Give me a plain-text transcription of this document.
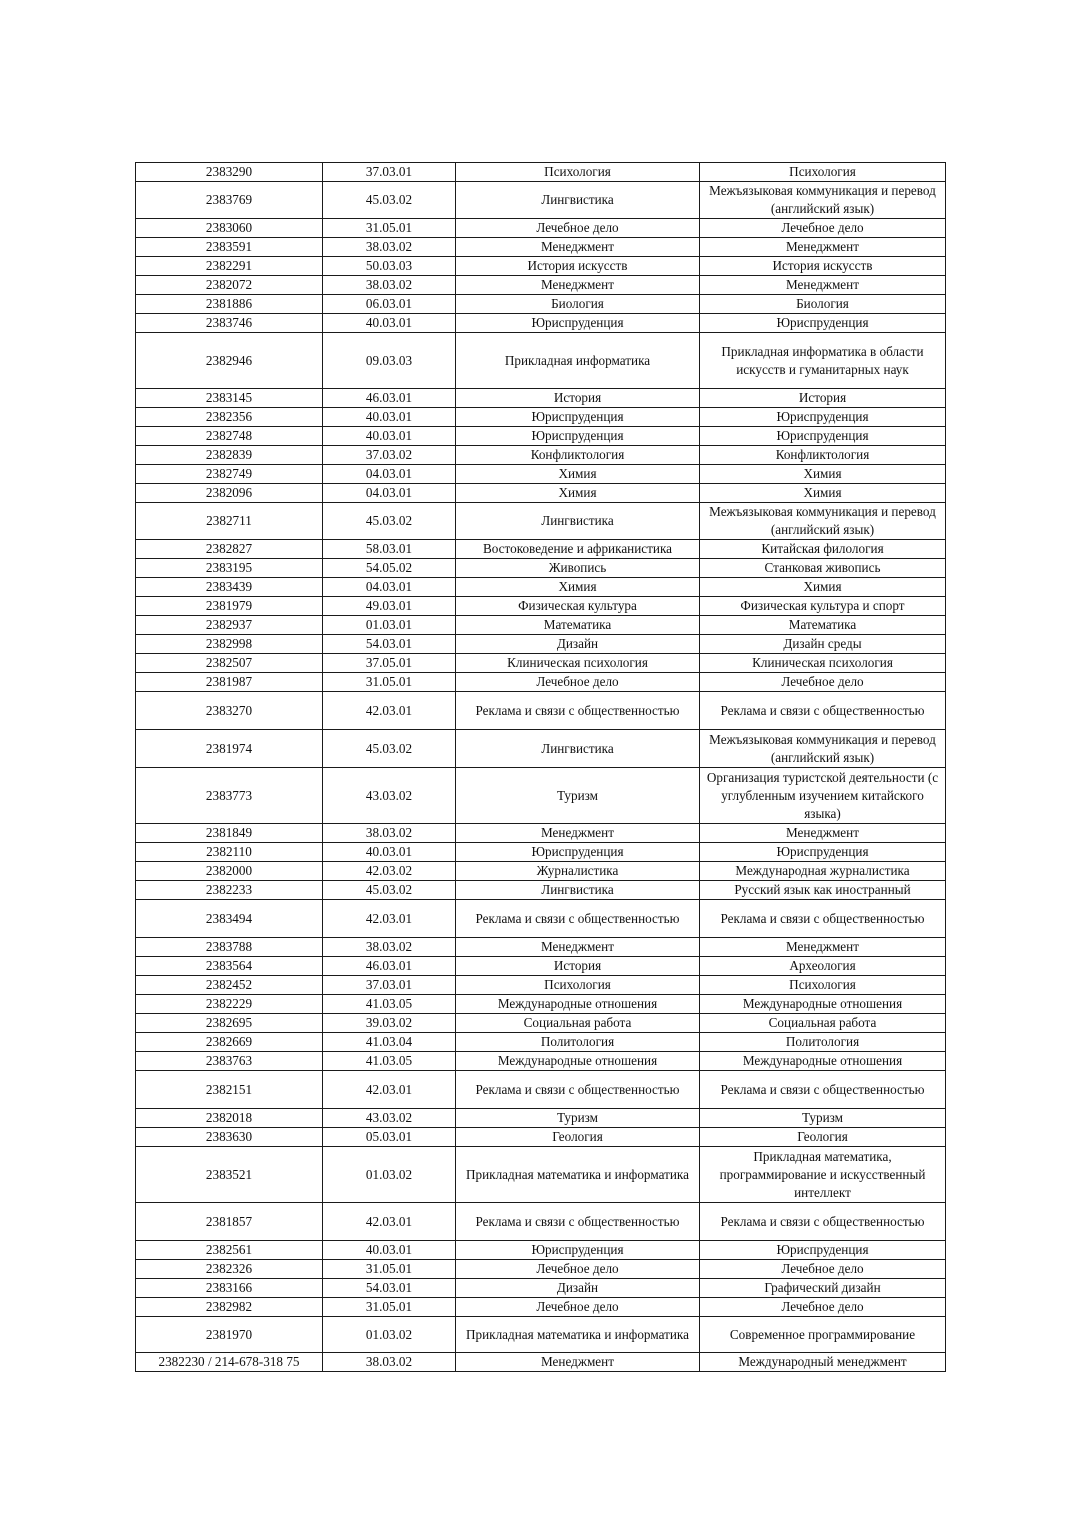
2383290	37.03.01	Психология	Психология
2383769	45.03.02	Лингвистика	Межъязыковая коммуникация и перевод (английский язык)
2383060	31.05.01	Лечебное дело	Лечебное дело
2383591	38.03.02	Менеджмент	Менеджмент
2382291	50.03.03	История искусств	История искусств
2382072	38.03.02	Менеджмент	Менеджмент
2381886	06.03.01	Биология	Биология
2383746	40.03.01	Юриспруденция	Юриспруденция
2382946	09.03.03	Прикладная информатика	Прикладная информатика в области искусств и гуманитарных наук
2383145	46.03.01	История	История
2382356	40.03.01	Юриспруденция	Юриспруденция
2382748	40.03.01	Юриспруденция	Юриспруденция
2382839	37.03.02	Конфликтология	Конфликтология
2382749	04.03.01	Химия	Химия
2382096	04.03.01	Химия	Химия
2382711	45.03.02	Лингвистика	Межъязыковая коммуникация и перевод (английский язык)
2382827	58.03.01	Востоковедение и африканистика	Китайская филология
2383195	54.05.02	Живопись	Станковая живопись
2383439	04.03.01	Химия	Химия
2381979	49.03.01	Физическая культура	Физическая культура и спорт
2382937	01.03.01	Математика	Математика
2382998	54.03.01	Дизайн	Дизайн среды
2382507	37.05.01	Клиническая психология	Клиническая психология
2381987	31.05.01	Лечебное дело	Лечебное дело
2383270	42.03.01	Реклама и связи с общественностью	Реклама и связи с общественностью
2381974	45.03.02	Лингвистика	Межъязыковая коммуникация и перевод (английский язык)
2383773	43.03.02	Туризм	Организация туристской деятельности (с углубленным изучением китайского языка)
2381849	38.03.02	Менеджмент	Менеджмент
2382110	40.03.01	Юриспруденция	Юриспруденция
2382000	42.03.02	Журналистика	Международная журналистика
2382233	45.03.02	Лингвистика	Русский язык как иностранный
2383494	42.03.01	Реклама и связи с общественностью	Реклама и связи с общественностью
2383788	38.03.02	Менеджмент	Менеджмент
2383564	46.03.01	История	Археология
2382452	37.03.01	Психология	Психология
2382229	41.03.05	Международные отношения	Международные отношения
2382695	39.03.02	Социальная работа	Социальная работа
2382669	41.03.04	Политология	Политология
2383763	41.03.05	Международные отношения	Международные отношения
2382151	42.03.01	Реклама и связи с общественностью	Реклама и связи с общественностью
2382018	43.03.02	Туризм	Туризм
2383630	05.03.01	Геология	Геология
2383521	01.03.02	Прикладная математика и информатика	Прикладная математика, программирование и искусственный интеллект
2381857	42.03.01	Реклама и связи с общественностью	Реклама и связи с общественностью
2382561	40.03.01	Юриспруденция	Юриспруденция
2382326	31.05.01	Лечебное дело	Лечебное дело
2383166	54.03.01	Дизайн	Графический дизайн
2382982	31.05.01	Лечебное дело	Лечебное дело
2381970	01.03.02	Прикладная математика и информатика	Современное программирование
2382230 / 214-678-318 75	38.03.02	Менеджмент	Международный менеджмент
